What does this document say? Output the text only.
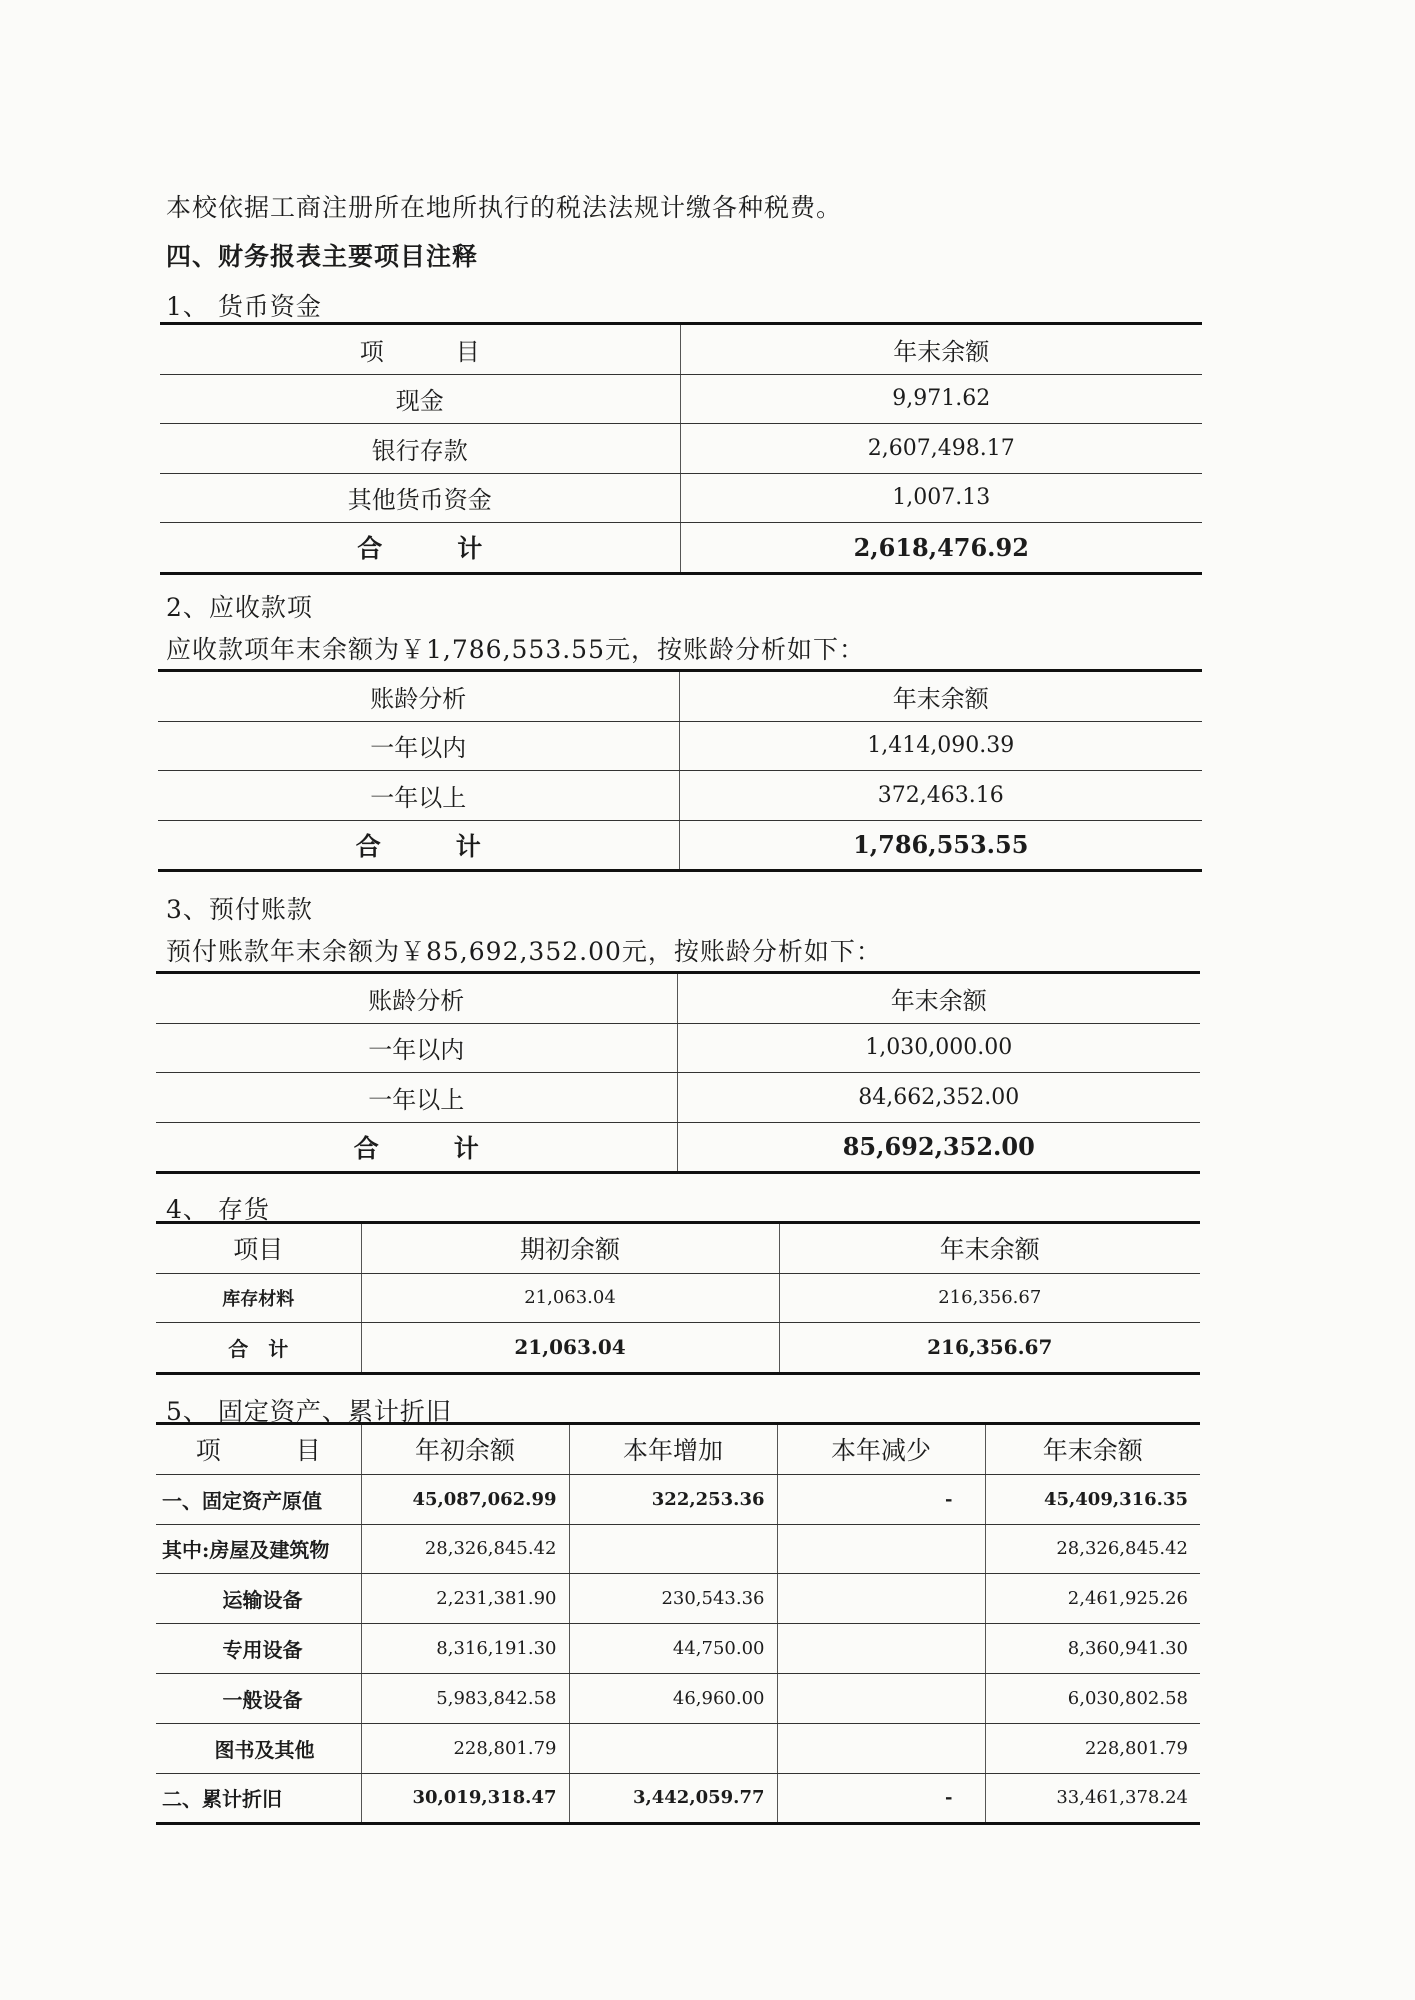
本校依据工商注册所在地所执行的税法法规计缴各种税费。
四、财务报表主要项目注释
1、 货币资金
项　　　目	年末余额
现金	9,971.62
银行存款	2,607,498.17
其他货币资金	1,007.13
合　　　计	2,618,476.92
2、应收款项
应收款项年末余额为￥1,786,553.55元，按账龄分析如下：
账龄分析	年末余额
一年以内	1,414,090.39
一年以上	372,463.16
合　　　计	1,786,553.55
3、预付账款
预付账款年末余额为￥85,692,352.00元，按账龄分析如下：
账龄分析	年末余额
一年以内	1,030,000.00
一年以上	84,662,352.00
合　　　计	85,692,352.00
4、 存货
项目	期初余额	年末余额
库存材料	21,063.04	216,356.67
合　计	21,063.04	216,356.67
5、 固定资产、累计折旧
项　　　目	年初余额	本年增加	本年减少	年末余额
一、固定资产原值	45,087,062.99	322,253.36	-	45,409,316.35
其中:房屋及建筑物	28,326,845.42			28,326,845.42
运输设备	2,231,381.90	230,543.36		2,461,925.26
专用设备	8,316,191.30	44,750.00		8,360,941.30
一般设备	5,983,842.58	46,960.00		6,030,802.58
图书及其他	228,801.79			228,801.79
二、累计折旧	30,019,318.47	3,442,059.77	-	33,461,378.24
